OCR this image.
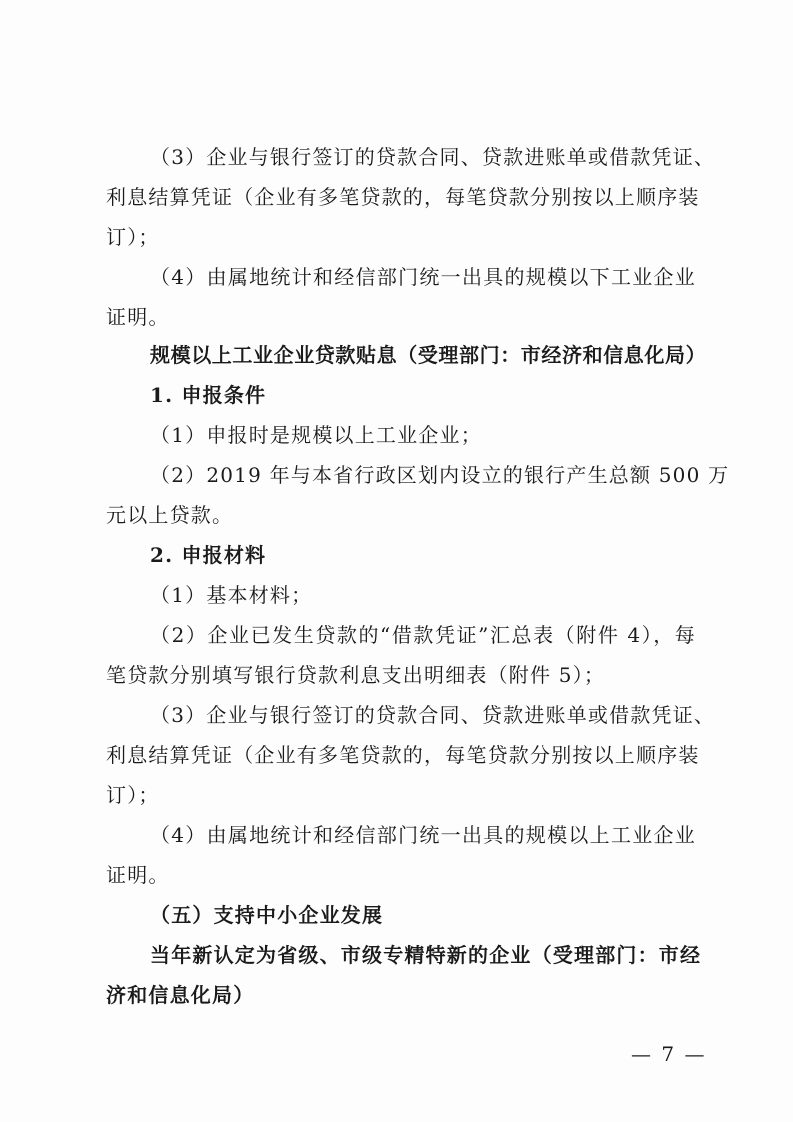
（3）企业与银行签订的贷款合同、贷款进账单或借款凭证、
利息结算凭证（企业有多笔贷款的，每笔贷款分别按以上顺序装
订）；
（4）由属地统计和经信部门统一出具的规模以下工业企业
证明。
规模以上工业企业贷款贴息（受理部门：市经济和信息化局）
1. 申报条件
（1）申报时是规模以上工业企业；
（2）2019 年与本省行政区划内设立的银行产生总额 500 万
元以上贷款。
2. 申报材料
（1）基本材料；
（2）企业已发生贷款的“借款凭证”汇总表（附件 4），每
笔贷款分别填写银行贷款利息支出明细表（附件 5）；
（3）企业与银行签订的贷款合同、贷款进账单或借款凭证、
利息结算凭证（企业有多笔贷款的，每笔贷款分别按以上顺序装
订）；
（4）由属地统计和经信部门统一出具的规模以上工业企业
证明。
（五）支持中小企业发展
当年新认定为省级、市级专精特新的企业（受理部门：市经
济和信息化局）
— 7 —
